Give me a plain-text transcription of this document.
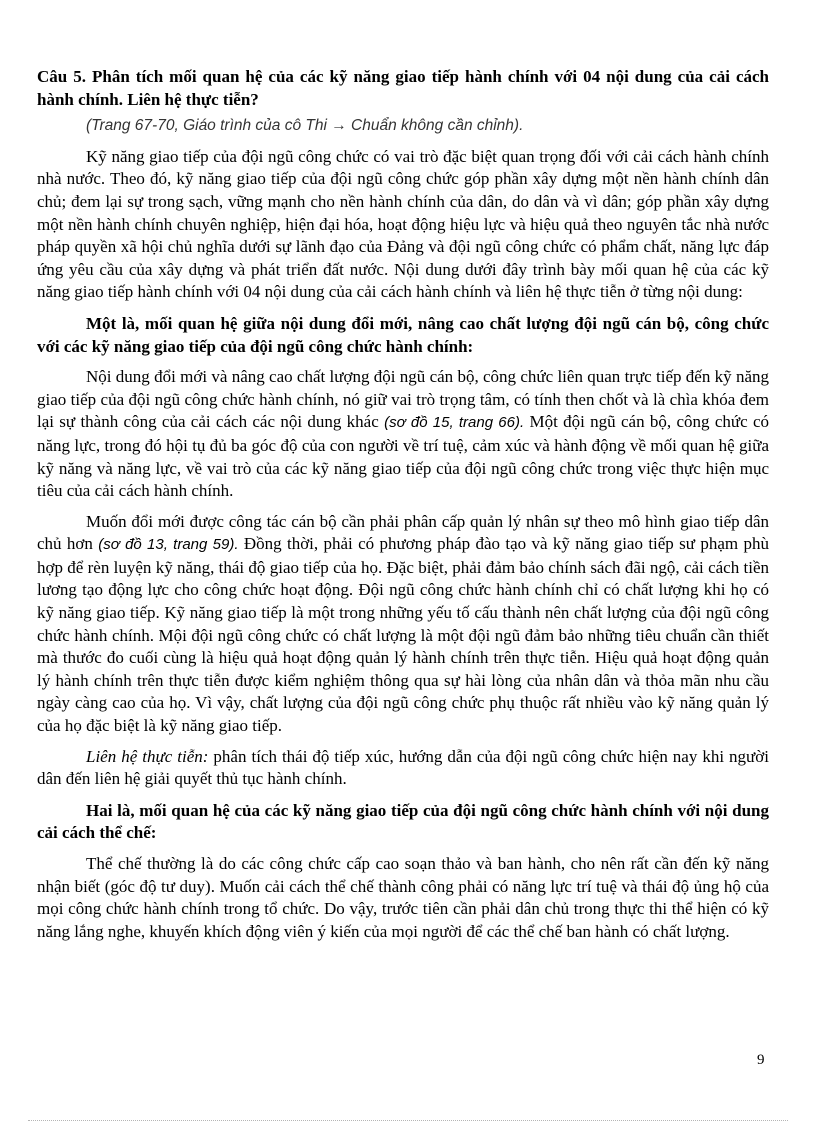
Câu 5. Phân tích mối quan hệ của các kỹ năng giao tiếp hành chính với 04 nội dung của cải cách hành chính. Liên hệ thực tiễn?

(Trang 67-70, Giáo trình của cô Thi → Chuẩn không cần chỉnh).

Kỹ năng giao tiếp của đội ngũ công chức có vai trò đặc biệt quan trọng đối với cải cách hành chính nhà nước. Theo đó, kỹ năng giao tiếp của đội ngũ công chức góp phần xây dựng một nền hành chính dân chủ; đem lại sự trong sạch, vững mạnh cho nền hành chính của dân, do dân và vì dân; góp phần xây dựng một nền hành chính chuyên nghiệp, hiện đại hóa, hoạt động hiệu lực và hiệu quả theo nguyên tắc nhà nước pháp quyền xã hội chủ nghĩa dưới sự lãnh đạo của Đảng và đội ngũ công chức có phẩm chất, năng lực đáp ứng yêu cầu của xây dựng và phát triển đất nước. Nội dung dưới đây trình bày mối quan hệ của các kỹ năng giao tiếp hành chính với 04 nội dung của cải cách hành chính và liên hệ thực tiễn ở từng nội dung:

Một là, mối quan hệ giữa nội dung đổi mới, nâng cao chất lượng đội ngũ cán bộ, công chức với các kỹ năng giao tiếp của đội ngũ công chức hành chính:

Nội dung đổi mới và nâng cao chất lượng đội ngũ cán bộ, công chức liên quan trực tiếp đến kỹ năng giao tiếp của đội ngũ công chức hành chính, nó giữ vai trò trọng tâm, có tính then chốt và là chìa khóa đem lại sự thành công của cải cách các nội dung khác (sơ đồ 15, trang 66). Một đội ngũ cán bộ, công chức có năng lực, trong đó hội tụ đủ ba góc độ của con người về trí tuệ, cảm xúc và hành động về mối quan hệ giữa kỹ năng và năng lực, về vai trò của các kỹ năng giao tiếp của đội ngũ công chức trong việc thực hiện mục tiêu của cải cách hành chính.

Muốn đổi mới được công tác cán bộ cần phải phân cấp quản lý nhân sự theo mô hình giao tiếp dân chủ hơn (sơ đồ 13, trang 59). Đồng thời, phải có phương pháp đào tạo và kỹ năng giao tiếp sư phạm phù hợp để rèn luyện kỹ năng, thái độ giao tiếp của họ. Đặc biệt, phải đảm bảo chính sách đãi ngộ, cải cách tiền lương tạo động lực cho công chức hoạt động. Đội ngũ công chức hành chính chỉ có chất lượng khi họ có kỹ năng giao tiếp. Kỹ năng giao tiếp là một trong những yếu tố cấu thành nên chất lượng của đội ngũ công chức hành chính. Mội đội ngũ công chức có chất lượng là một đội ngũ đảm bảo những tiêu chuẩn cần thiết mà thước đo cuối cùng là hiệu quả hoạt động quản lý hành chính trên thực tiễn. Hiệu quả hoạt động quản lý hành chính trên thực tiễn được kiểm nghiệm thông qua sự hài lòng của nhân dân và thỏa mãn nhu cầu ngày càng cao của họ. Vì vậy, chất lượng của đội ngũ công chức phụ thuộc rất nhiều vào kỹ năng quản lý của họ đặc biệt là kỹ năng giao tiếp.

Liên hệ thực tiễn: phân tích thái độ tiếp xúc, hướng dẫn của đội ngũ công chức hiện nay khi người dân đến liên hệ giải quyết thủ tục hành chính.

Hai là, mối quan hệ của các kỹ năng giao tiếp của đội ngũ công chức hành chính với nội dung cải cách thể chế:

Thể chế thường là do các công chức cấp cao soạn thảo và ban hành, cho nên rất cần đến kỹ năng nhận biết (góc độ tư duy). Muốn cải cách thể chế thành công phải có năng lực trí tuệ và thái độ ủng hộ của mọi công chức hành chính trong tổ chức. Do vậy, trước tiên cần phải dân chủ trong thực thi thể hiện có kỹ năng lắng nghe, khuyến khích động viên ý kiến của mọi người để các thể chế ban hành có chất lượng.

9
